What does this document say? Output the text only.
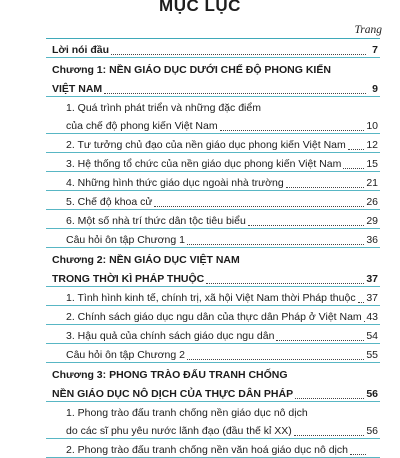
MỤC LỤC
Trang
Lời nói đầu	7
Chương 1: NỀN GIÁO DỤC DƯỚI CHẾ ĐỘ PHONG KIẾN
VIỆT NAM	9
1. Quá trình phát triển và những đặc điểm
của chế độ phong kiến Việt Nam	10
2. Tư tưởng chủ đạo của nền giáo dục phong kiến Việt Nam 12
3. Hệ thống tổ chức của nền giáo dục phong kiến Việt Nam 15
4. Những hình thức giáo dục ngoài nhà trường	21
5. Chế độ khoa cử	26
6. Một số nhà trí thức dân tộc tiêu biểu	29
Câu hỏi ôn tập Chương 1	36
Chương 2: NỀN GIÁO DỤC VIỆT NAM
TRONG THỜI KÌ PHÁP THUỘC	37
1. Tình hình kinh tế, chính trị, xã hội Việt Nam thời Pháp thuộc 37
2. Chính sách giáo dục ngu dân của thực dân Pháp ở Việt Nam 43
3. Hậu quả của chính sách giáo dục ngu dân	54
Câu hỏi ôn tập Chương 2	55
Chương 3: PHONG TRÀO ĐẤU TRANH CHỐNG
NỀN GIÁO DỤC NÔ DỊCH CỦA THỰC DÂN PHÁP	56
1. Phong trào đấu tranh chống nền giáo dục nô dịch
do các sĩ phu yêu nước lãnh đạo (đầu thế kỉ XX)	56
2. Phong trào đấu tranh chống nền văn hoá giáo dục nô dịch
